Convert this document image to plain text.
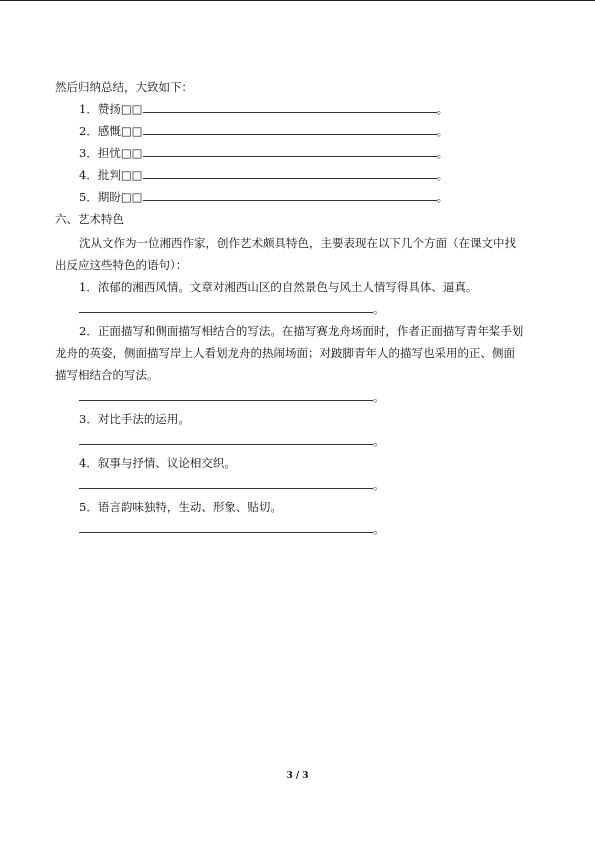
然后归纳总结，大致如下：
1．赞扬□□	。
2．感慨□□	。
3．担忧□□	。
4．批判□□	。
5．期盼□□	。
六、艺术特色
沈从文作为一位湘西作家，创作艺术颇具特色，主要表现在以下几个方面（在课文中找
出反应这些特色的语句）：
1．浓郁的湘西风情。文章对湘西山区的自然景色与风土人情写得具体、逼真。
。
2．正面描写和侧面描写相结合的写法。在描写赛龙舟场面时，作者正面描写青年桨手划
龙舟的英姿，侧面描写岸上人看划龙舟的热闹场面；对跛脚青年人的描写也采用的正、侧面
描写相结合的写法。
。
3．对比手法的运用。
。
4．叙事与抒情、议论相交织。
。
5．语言韵味独特，生动、形象、贴切。
。
3 / 3
